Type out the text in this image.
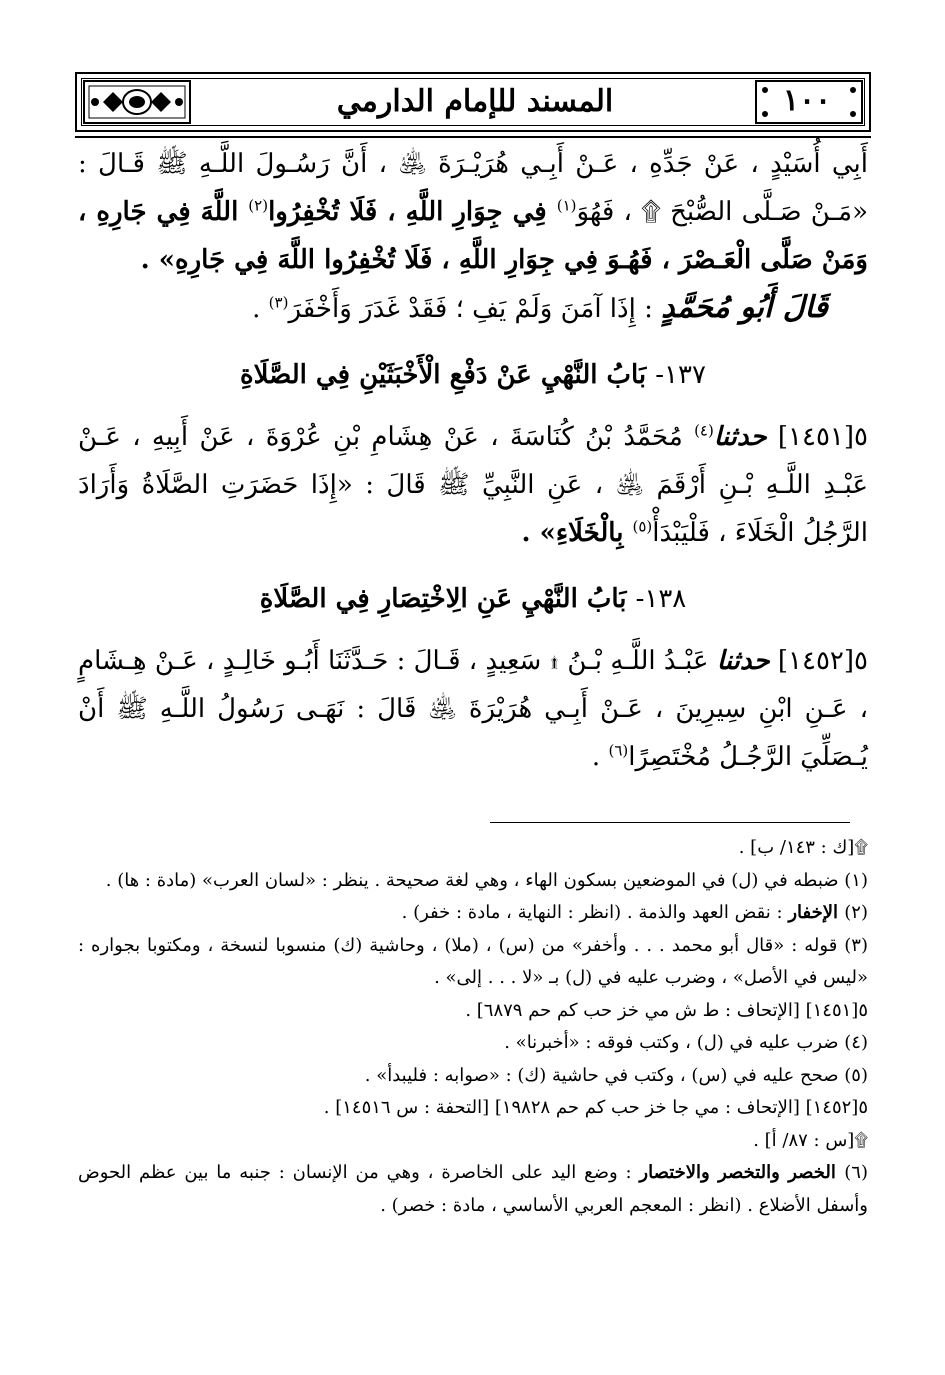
المسند للإمام الدارمي	١٠٠

أَبِي أُسَيْدٍ ، عَنْ جَدِّهِ ، عَـنْ أَبِـي هُرَيْـرَةَ ﵁ ، أَنَّ رَسُـولَ اللَّـهِ ﷺ قَـالَ : «مَـنْ صَـلَّى الصُّبْحَ ۩ ، فَهُوَ$^{(١)}$ فِي جِوَارِ اللَّهِ ، فَلَا تُخْفِرُوا$^{(٢)}$ اللَّهَ فِي جَارِهِ ، وَمَنْ صَلَّى الْعَـصْرَ ، فَهُـوَ فِي جِوَارِ اللَّهِ ، فَلَا تُخْفِرُوا اللَّهَ فِي جَارِهِ» .

قَالَ أَبُو مُحَمَّدٍ : إِذَا آمَنَ وَلَمْ يَفِ ؛ فَقَدْ غَدَرَ وَأَخْفَرَ$^{(٣)}$ .

١٣٧- بَابُ النَّهْيِ عَنْ دَفْعِ الْأَخْبَثَيْنِ فِي الصَّلَاةِ

٥[١٤٥١] حدثنا$^{(٤)}$ مُحَمَّدُ بْنُ كُنَاسَةَ ، عَنْ هِشَامِ بْنِ عُرْوَةَ ، عَنْ أَبِيهِ ، عَـنْ عَبْـدِ اللَّـهِ بْـنِ أَرْقَمَ ﵁ ، عَنِ النَّبِيِّ ﷺ قَالَ : «إِذَا حَضَرَتِ الصَّلَاةُ وَأَرَادَ الرَّجُلُ الْخَلَاءَ ، فَلْيَبْدَأْ$^{(٥)}$ بِالْخَلَاءِ» .

١٣٨- بَابُ النَّهْيِ عَنِ الِاخْتِصَارِ فِي الصَّلَاةِ

٥[١٤٥٢] حدثنا عَبْـدُ اللَّـهِ بْـنُ ۩ سَعِيدٍ ، قَـالَ : حَـدَّثَنَا أَبُـو خَالِـدٍ ، عَـنْ هِـشَامٍ ، عَـنِ ابْنِ سِيرِينَ ، عَـنْ أَبِـي هُرَيْرَةَ ﵁ قَالَ : نَهَـى رَسُولُ اللَّـهِ ﷺ أَنْ يُـصَلِّيَ الرَّجُـلُ مُخْتَصِرًا$^{(٦)}$ .

۩[ك : ١٤٣/ ب] .

(١) ضبطه في (ل) في الموضعين بسكون الهاء ، وهي لغة صحيحة . ينظر : «لسان العرب» (مادة : ها) .

(٢) الإخفار : نقض العهد والذمة . (انظر : النهاية ، مادة : خفر) .

(٣) قوله : «قال أبو محمد . . . وأخفر» من (س) ، (ملا) ، وحاشية (ك) منسوبا لنسخة ، ومكتوبا بجواره : «ليس في الأصل» ، وضرب عليه في (ل) بـ «لا . . . إلى» .

٥[١٤٥١] [الإتحاف : ط ش مي خز حب كم حم ٦٨٧٩] .

(٤) ضرب عليه في (ل) ، وكتب فوقه : «أخبرنا» .

(٥) صحح عليه في (س) ، وكتب في حاشية (ك) : «صوابه : فليبدأ» .

٥[١٤٥٢] [الإتحاف : مي جا خز حب كم حم ١٩٨٢٨] [التحفة : س ١٤٥١٦] .

۩[س : ٨٧/ أ] .

(٦) الخصر والتخصر والاختصار : وضع اليد على الخاصرة ، وهي من الإنسان : جنبه ما بين عظم الحوض وأسفل الأضلاع . (انظر : المعجم العربي الأساسي ، مادة : خصر) .
